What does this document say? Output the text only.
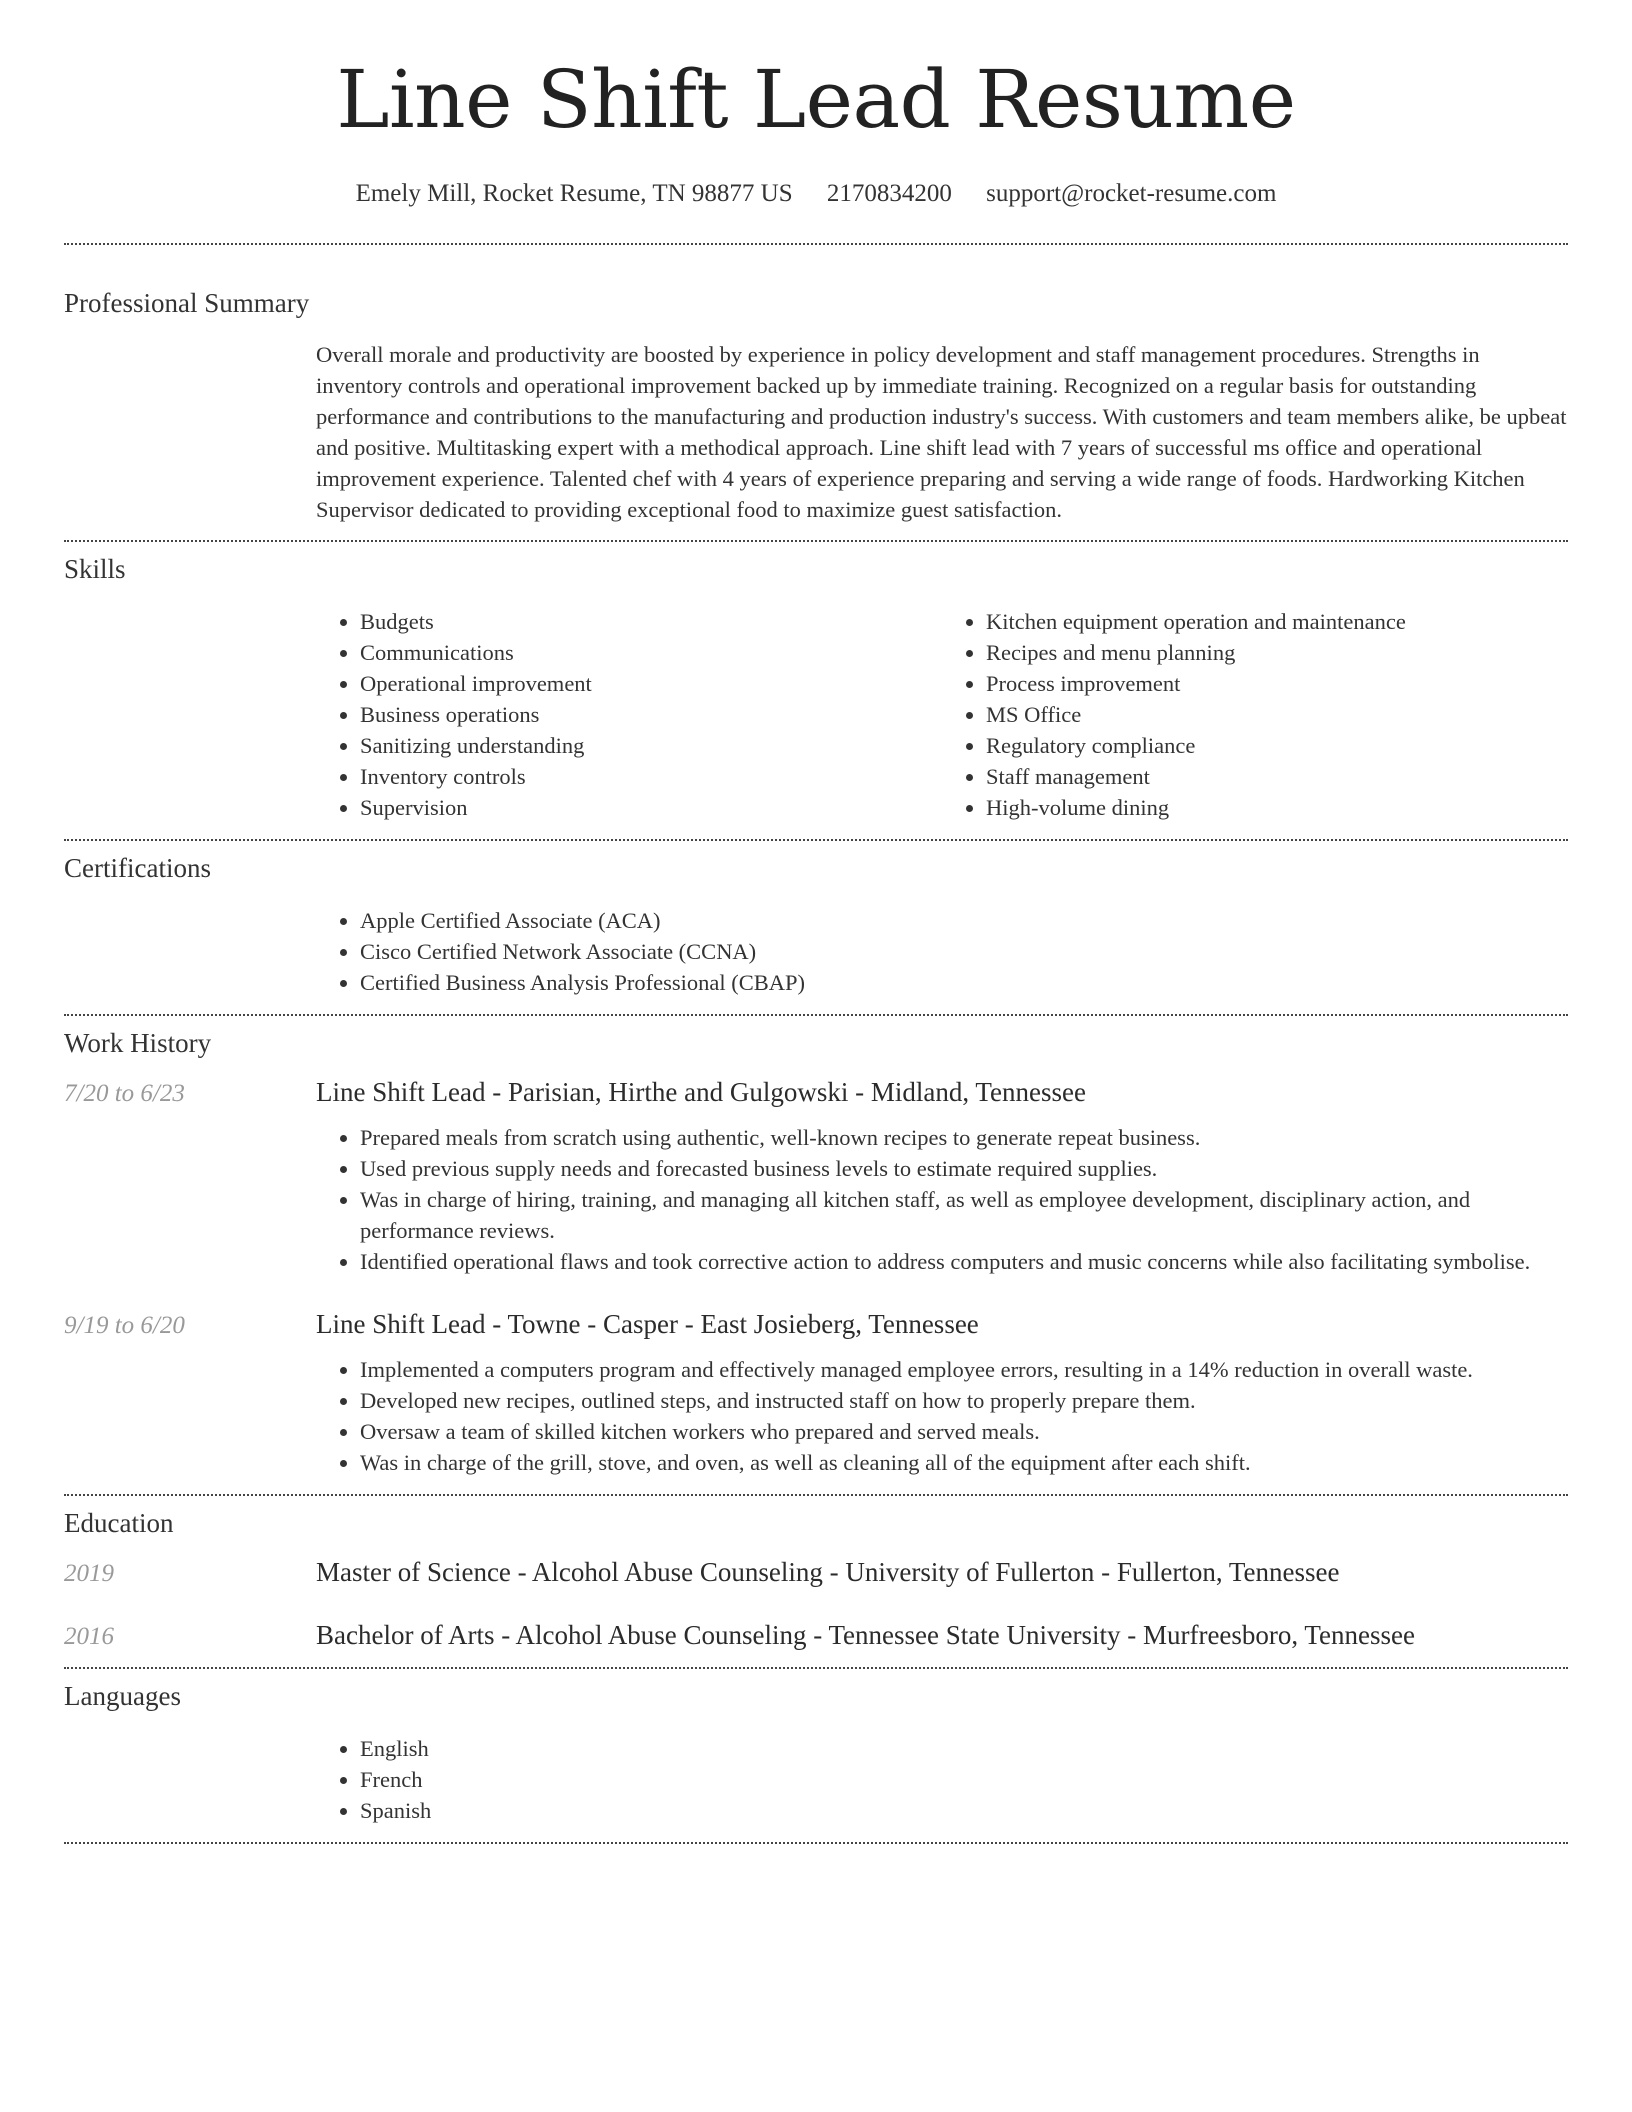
Line Shift Lead Resume
Emely Mill, Rocket Resume, TN 98877 US 2170834200 support@rocket-resume.com
Professional Summary
Overall morale and productivity are boosted by experience in policy development and staff management procedures. Strengths in inventory controls and operational improvement backed up by immediate training. Recognized on a regular basis for outstanding performance and contributions to the manufacturing and production industry's success. With customers and team members alike, be upbeat and positive. Multitasking expert with a methodical approach. Line shift lead with 7 years of successful ms office and operational improvement experience. Talented chef with 4 years of experience preparing and serving a wide range of foods. Hardworking Kitchen Supervisor dedicated to providing exceptional food to maximize guest satisfaction.
Skills
• Budgets
• Communications
• Operational improvement
• Business operations
• Sanitizing understanding
• Inventory controls
• Supervision
• Kitchen equipment operation and maintenance
• Recipes and menu planning
• Process improvement
• MS Office
• Regulatory compliance
• Staff management
• High-volume dining
Certifications
• Apple Certified Associate (ACA)
• Cisco Certified Network Associate (CCNA)
• Certified Business Analysis Professional (CBAP)
Work History
7/20 to 6/23	Line Shift Lead - Parisian, Hirthe and Gulgowski - Midland, Tennessee
• Prepared meals from scratch using authentic, well-known recipes to generate repeat business.
• Used previous supply needs and forecasted business levels to estimate required supplies.
• Was in charge of hiring, training, and managing all kitchen staff, as well as employee development, disciplinary action, and performance reviews.
• Identified operational flaws and took corrective action to address computers and music concerns while also facilitating symbolise.
9/19 to 6/20	Line Shift Lead - Towne - Casper - East Josieberg, Tennessee
• Implemented a computers program and effectively managed employee errors, resulting in a 14% reduction in overall waste.
• Developed new recipes, outlined steps, and instructed staff on how to properly prepare them.
• Oversaw a team of skilled kitchen workers who prepared and served meals.
• Was in charge of the grill, stove, and oven, as well as cleaning all of the equipment after each shift.
Education
2019	Master of Science - Alcohol Abuse Counseling - University of Fullerton - Fullerton, Tennessee
2016	Bachelor of Arts - Alcohol Abuse Counseling - Tennessee State University - Murfreesboro, Tennessee
Languages
• English
• French
• Spanish
